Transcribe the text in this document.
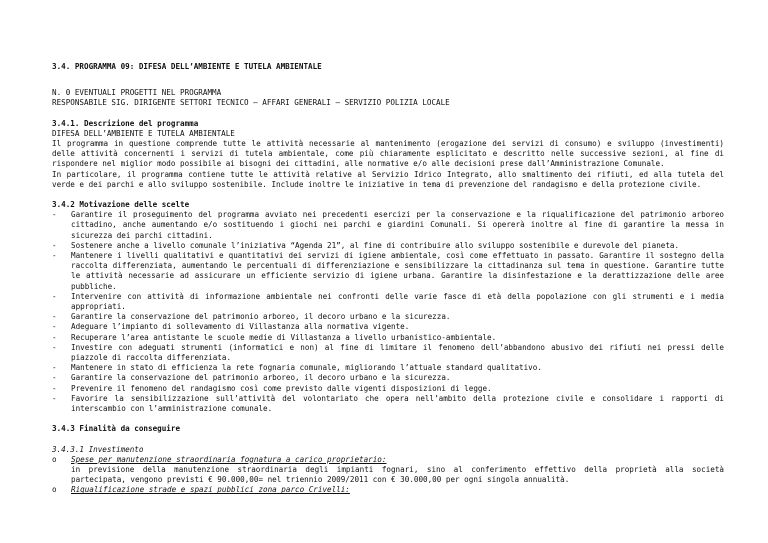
3.4. PROGRAMMA 09: DIFESA DELL’AMBIENTE E TUTELA AMBIENTALE
N. 0 EVENTUALI PROGETTI NEL PROGRAMMA
RESPONSABILE SIG. DIRIGENTE SETTORI TECNICO – AFFARI GENERALI – SERVIZIO POLIZIA LOCALE
3.4.1. Descrizione del programma
DIFESA DELL’AMBIENTE E TUTELA AMBIENTALE
Il programma in questione comprende tutte le attività necessarie al mantenimento (erogazione dei servizi di consumo) e sviluppo (investimenti) delle attività concernenti i servizi di tutela ambientale, come più chiaramente esplicitato e descritto nelle successive sezioni, al fine di rispondere nel miglior modo possibile ai bisogni dei cittadini, alle normative e/o alle decisioni prese dall’Amministrazione Comunale.
In particolare, il programma contiene tutte le attività relative al Servizio Idrico Integrato, allo smaltimento dei rifiuti, ed alla tutela del verde e dei parchi e allo sviluppo sostenibile. Include inoltre le iniziative in tema di prevenzione del randagismo e della protezione civile.
3.4.2 Motivazione delle scelte
- Garantire il proseguimento del programma avviato nei precedenti esercizi per la conservazione e la riqualificazione del patrimonio arboreo cittadino, anche aumentando e/o sostituendo i giochi nei parchi e giardini Comunali. Si opererà inoltre al fine di garantire la messa in sicurezza dei parchi cittadini.
- Sostenere anche a livello comunale l’iniziativa “Agenda 21”, al fine di contribuire allo sviluppo sostenibile e durevole del pianeta.
- Mantenere i livelli qualitativi e quantitativi dei servizi di igiene ambientale, così come effettuato in passato. Garantire il sostegno della raccolta differenziata, aumentando le percentuali di differenziazione e sensibilizzare la cittadinanza sul tema in questione. Garantire tutte le attività necessarie ad assicurare un efficiente servizio di igiene urbana. Garantire la disinfestazione e la derattizzazione delle aree pubbliche.
- Intervenire con attività di informazione ambientale nei confronti delle varie fasce di età della popolazione con gli strumenti e i media appropriati.
- Garantire la conservazione del patrimonio arboreo, il decoro urbano e la sicurezza.
- Adeguare l’impianto di sollevamento di Villastanza alla normativa vigente.
- Recuperare l’area antistante le scuole medie di Villastanza a livello urbanistico-ambientale.
- Investire con adeguati strumenti (informatici e non) al fine di limitare il fenomeno dell’abbandono abusivo dei rifiuti nei pressi delle piazzole di raccolta differenziata.
- Mantenere in stato di efficienza la rete fognaria comunale, migliorando l’attuale standard qualitativo.
- Garantire la conservazione del patrimonio arboreo, il decoro urbano e la sicurezza.
- Prevenire il fenomeno del randagismo così come previsto dalle vigenti disposizioni di legge.
- Favorire la sensibilizzazione sull’attività del volontariato che opera nell’ambito della protezione civile e consolidare i rapporti di interscambio con l’amministrazione comunale.
3.4.3 Finalità da conseguire
3.4.3.1 Investimento
o Spese per manutenzione straordinaria fognatura a carico proprietario:
in previsione della manutenzione straordinaria degli impianti fognari, sino al conferimento effettivo della proprietà alla società partecipata, vengono previsti € 90.000,00= nel triennio 2009/2011 con € 30.000,00 per ogni singola annualità.
o Riqualificazione strade e spazi pubblici zona parco Crivelli:
